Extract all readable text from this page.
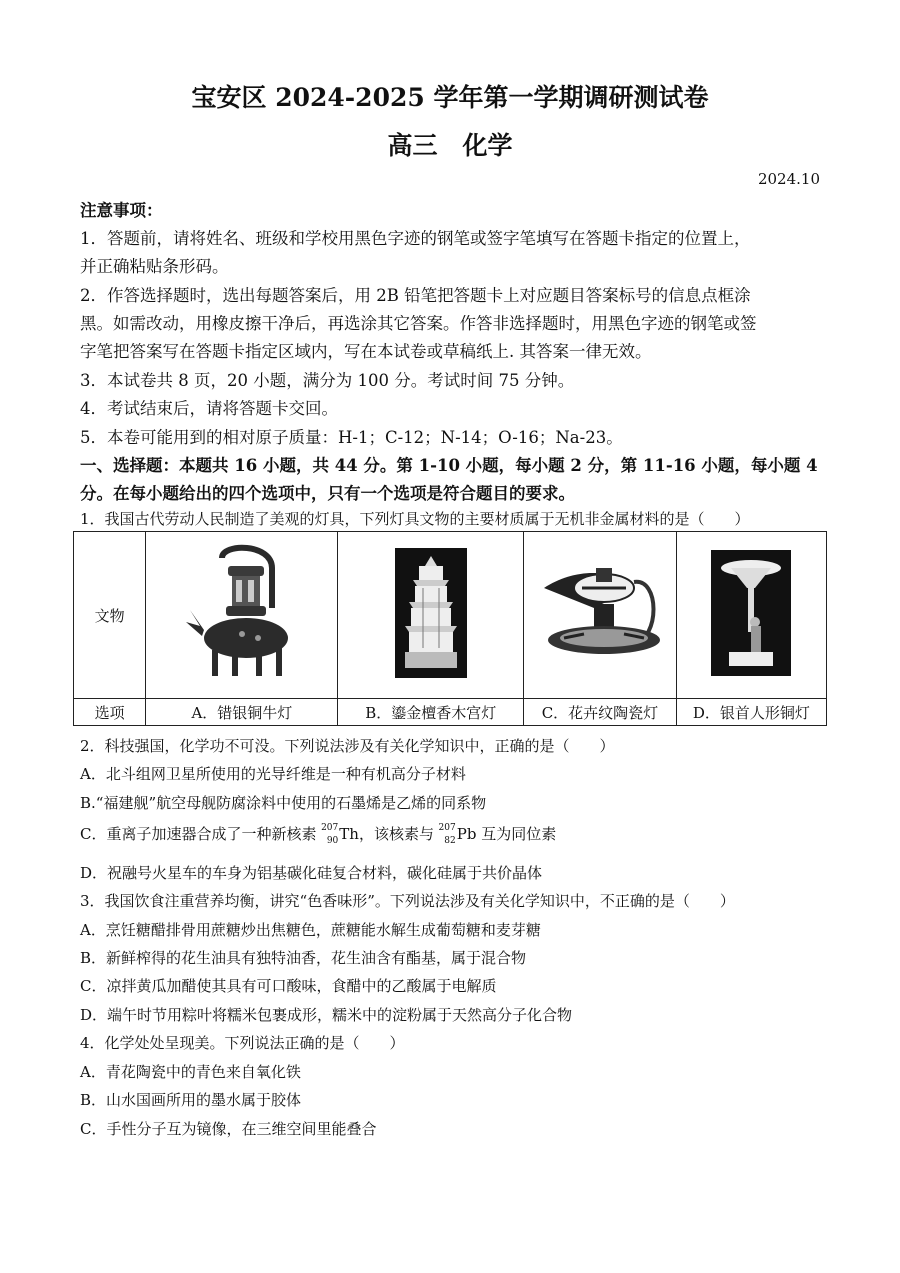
宝安区 2024-2025 学年第一学期调研测试卷
高三　化学
2024.10
注意事项：
1．答题前，请将姓名、班级和学校用黑色字迹的钢笔或签字笔填写在答题卡指定的位置上，
并正确粘贴条形码。
2．作答选择题时，选出每题答案后，用 2B 铅笔把答题卡上对应题目答案标号的信息点框涂
黑。如需改动，用橡皮擦干净后，再选涂其它答案。作答非选择题时，用黑色字迹的钢笔或签
字笔把答案写在答题卡指定区域内，写在本试卷或草稿纸上. 其答案一律无效。
3．本试卷共 8 页，20 小题，满分为 100 分。考试时间 75 分钟。
4．考试结束后，请将答题卡交回。
5．本卷可能用到的相对原子质量：H-1；C-12；N-14；O-16；Na-23。
一、选择题：本题共 16 小题，共 44 分。第 1-10 小题，每小题 2 分，第 11-16 小题，每小题 4
分。在每小题给出的四个选项中，只有一个选项是符合题目的要求。
1．我国古代劳动人民制造了美观的灯具，下列灯具文物的主要材质属于无机非金属材料的是（　　）
文物				
选项	A．错银铜牛灯	B．鎏金檀香木宫灯	C．花卉纹陶瓷灯	D．银首人形铜灯
2．科技强国，化学功不可没。下列说法涉及有关化学知识中，正确的是（　　）
A．北斗组网卫星所使用的光导纤维是一种有机高分子材料
B.“福建舰”航空母舰防腐涂料中使用的石墨烯是乙烯的同系物
C．重离子加速器合成了一种新核素 207
90 Th，该核素与 207
82 Pb 互为同位素
D．祝融号火星车的车身为铝基碳化硅复合材料，碳化硅属于共价晶体
3．我国饮食注重营养均衡，讲究“色香味形”。下列说法涉及有关化学知识中，不正确的是（　　）
A．烹饪糖醋排骨用蔗糖炒出焦糖色，蔗糖能水解生成葡萄糖和麦芽糖
B．新鲜榨得的花生油具有独特油香，花生油含有酯基，属于混合物
C．凉拌黄瓜加醋使其具有可口酸味，食醋中的乙酸属于电解质
D．端午时节用粽叶将糯米包裹成形，糯米中的淀粉属于天然高分子化合物
4．化学处处呈现美。下列说法正确的是（　　）
A．青花陶瓷中的青色来自氧化铁
B．山水国画所用的墨水属于胶体
C．手性分子互为镜像，在三维空间里能叠合
